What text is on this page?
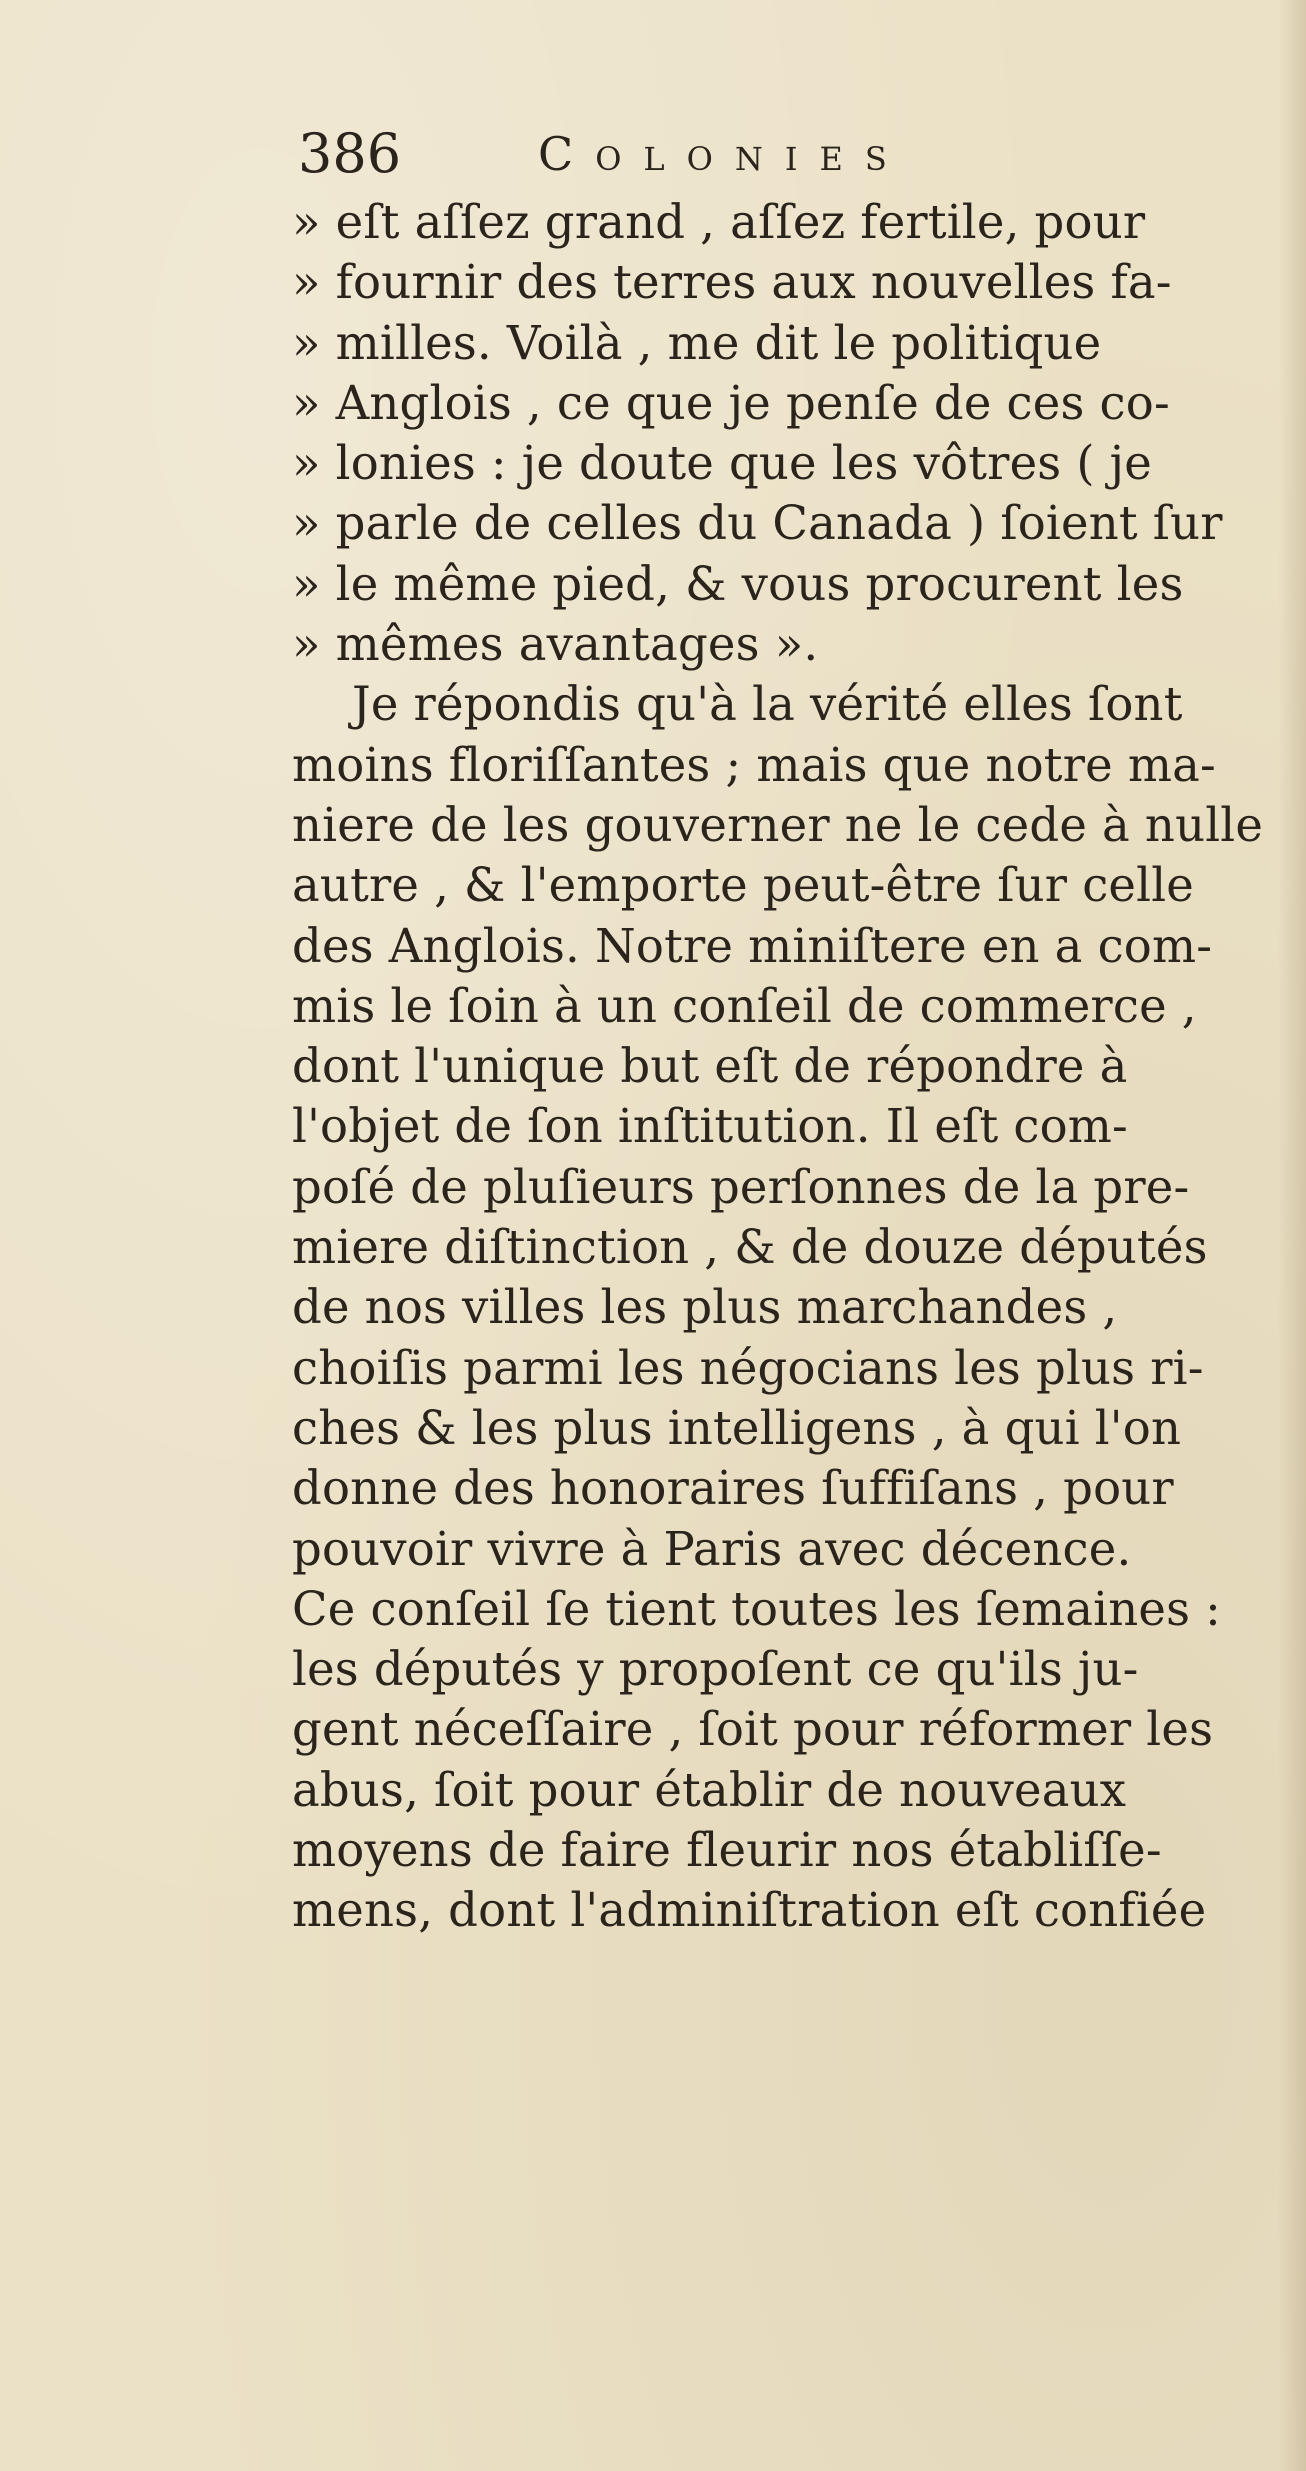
386	Colonies
» eſt aſſez grand , aſſez fertile, pour
» fournir des terres aux nouvelles fa-
» milles. Voilà , me dit le politique
» Anglois , ce que je penſe de ces co-
» lonies : je doute que les vôtres ( je
» parle de celles du Canada ) ſoient ſur
» le même pied, & vous procurent les
» mêmes avantages ».
Je répondis qu'à la vérité elles ſont
moins floriſſantes ; mais que notre ma-
niere de les gouverner ne le cede à nulle
autre , & l'emporte peut-être ſur celle
des Anglois. Notre miniſtere en a com-
mis le ſoin à un conſeil de commerce ,
dont l'unique but eſt de répondre à
l'objet de ſon inſtitution. Il eſt com-
poſé de pluſieurs perſonnes de la pre-
miere diſtinction , & de douze députés
de nos villes les plus marchandes ,
choiſis parmi les négocians les plus ri-
ches & les plus intelligens , à qui l'on
donne des honoraires ſuffiſans , pour
pouvoir vivre à Paris avec décence.
Ce conſeil ſe tient toutes les ſemaines :
les députés y propoſent ce qu'ils ju-
gent néceſſaire , ſoit pour réformer les
abus, ſoit pour établir de nouveaux
moyens de faire fleurir nos établiſſe-
mens, dont l'adminiſtration eſt confiée
